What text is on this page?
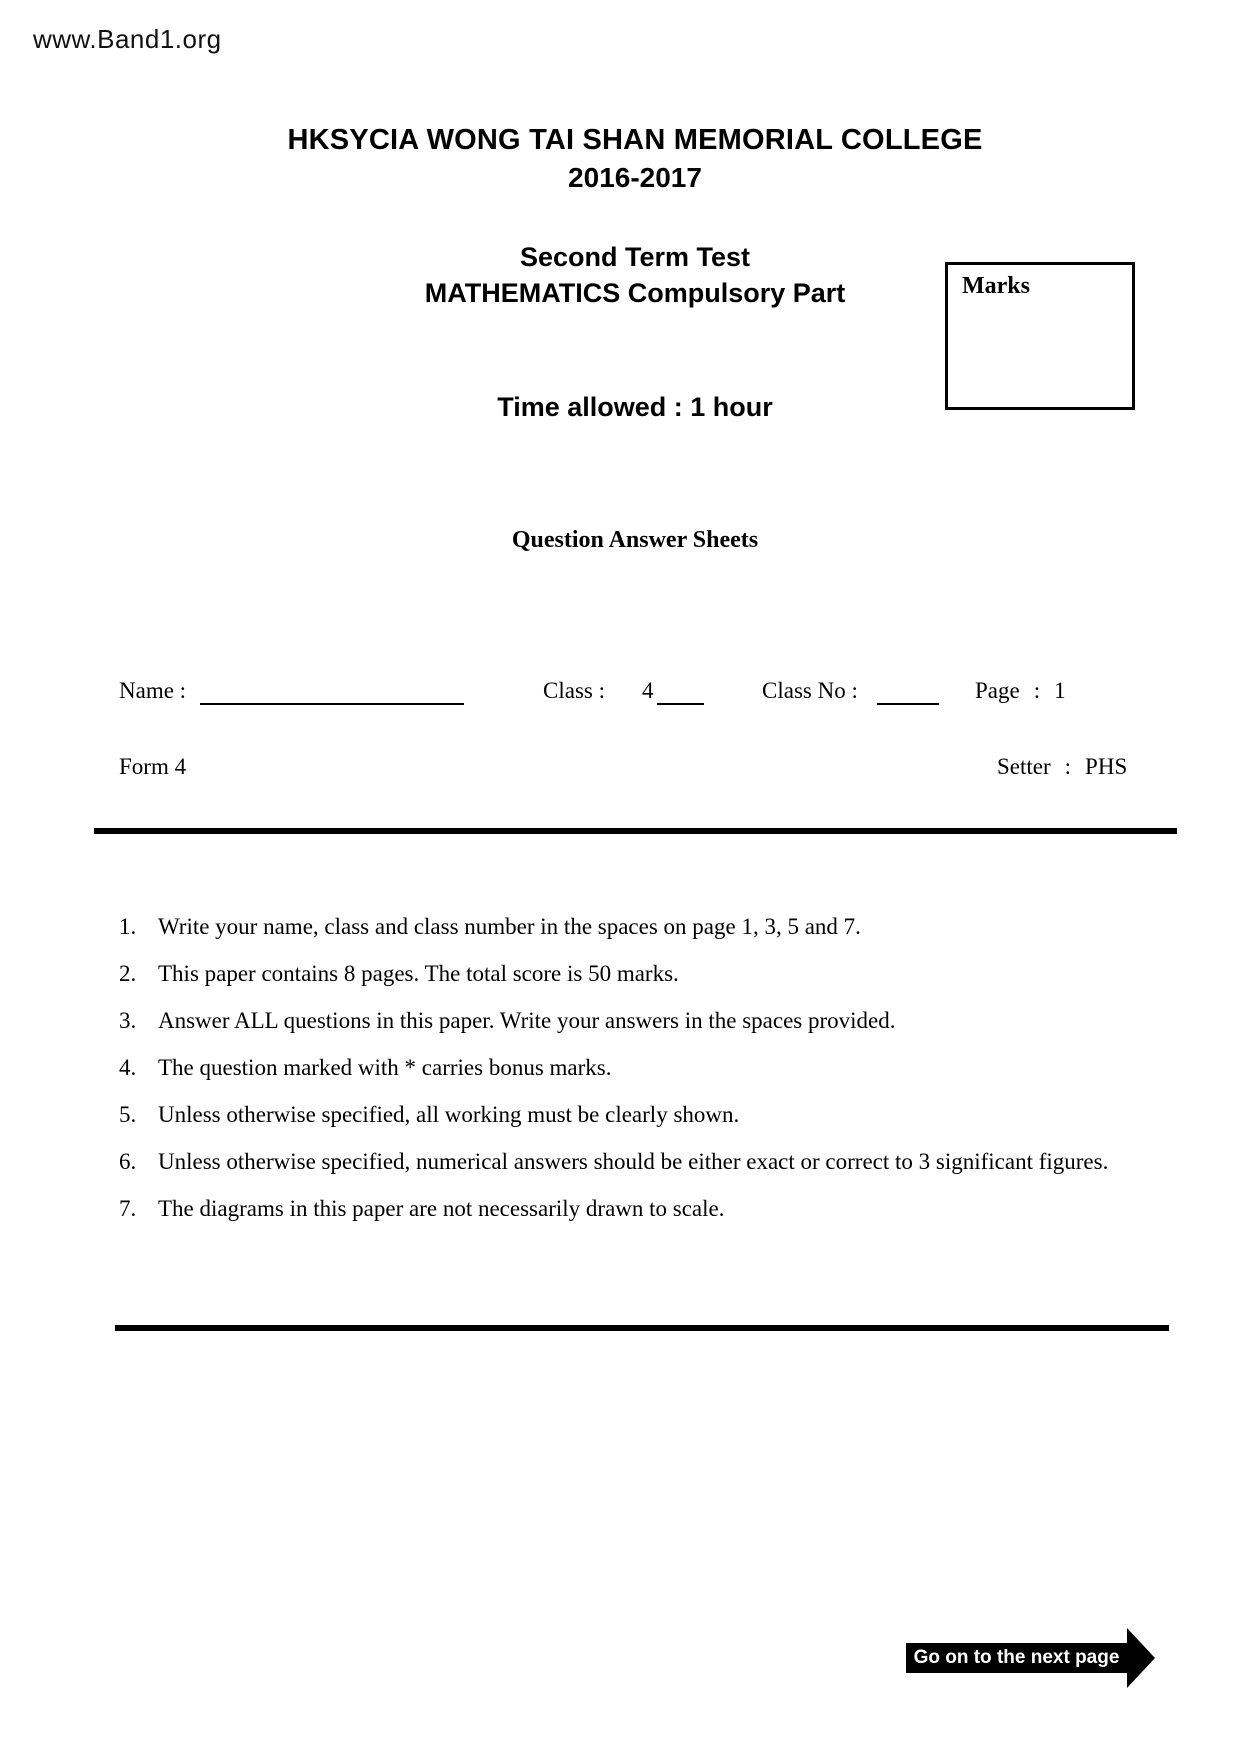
www.Band1.org
HKSYCIA WONG TAI SHAN MEMORIAL COLLEGE
2016-2017
Second Term Test
MATHEMATICS Compulsory Part
Time allowed : 1 hour
Marks
Question Answer Sheets
Name :	Class : 4	Class No :	Page : 1
Form 4	Setter : PHS
1. Write your name, class and class number in the spaces on page 1, 3, 5 and 7.
2. This paper contains 8 pages. The total score is 50 marks.
3. Answer ALL questions in this paper. Write your answers in the spaces provided.
4. The question marked with * carries bonus marks.
5. Unless otherwise specified, all working must be clearly shown.
6. Unless otherwise specified, numerical answers should be either exact or correct to 3 significant figures.
7. The diagrams in this paper are not necessarily drawn to scale.
Go on to the next page
